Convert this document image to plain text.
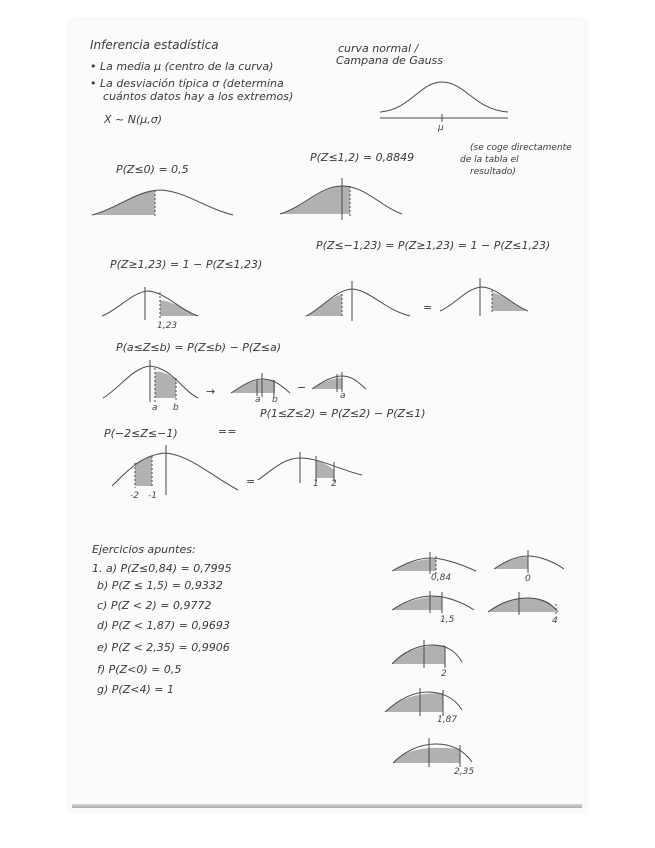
Inferencia estadística
• La media μ (centro de la curva)
• La desviación típica σ (determina
cuántos datos hay a los extremos)
X ~ N(μ,σ)
curva normal /
Campana de Gauss
μ
(se coge directamente
de la tabla el
resultado)
P(Z≤0) = 0,5
P(Z≤1,2) = 0,8849
P(Z≥1,23) = 1 − P(Z≤1,23)
P(Z≤−1,23) = P(Z≥1,23) = 1 − P(Z≤1,23)
P(a≤Z≤b) = P(Z≤b) − P(Z≤a)
P(−2≤Z≤−1)	==
P(1≤Z≤2) = P(Z≤2) − P(Z≤1)
1,23
a b
→
a b
−
a
=
=
-2 -1
1 2
Ejercicios apuntes:
1. a) P(Z≤0,84) = 0,7995
b) P(Z ≤ 1,5) = 0,9332
c) P(Z < 2) = 0,9772
d) P(Z < 1,87) = 0,9693
e) P(Z < 2,35) = 0,9906
f) P(Z<0) = 0,5
g) P(Z<4) = 1
0,84	0
1,5	4
2
1,87
2,35
